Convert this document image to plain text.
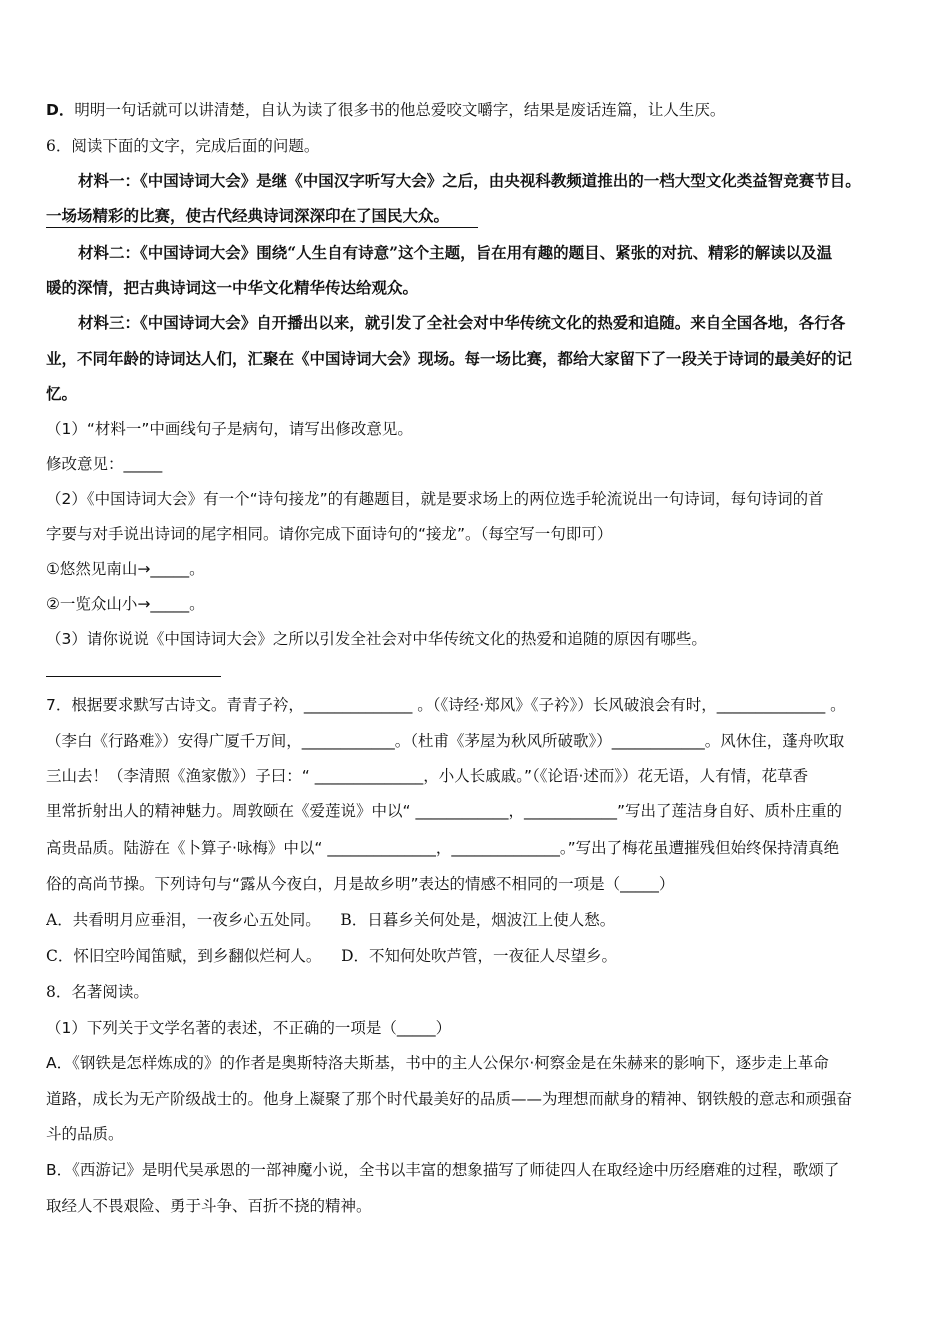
D．明明一句话就可以讲清楚，自认为读了很多书的他总爱咬文嚼字，结果是废话连篇，让人生厌。
6．阅读下面的文字，完成后面的问题。
材料一：《中国诗词大会》是继《中国汉字听写大会》之后，由央视科教频道推出的一档大型文化类益智竞赛节目。
一场场精彩的比赛，使古代经典诗词深深印在了国民大众。
材料二：《中国诗词大会》围绕“人生自有诗意”这个主题，旨在用有趣的题目、紧张的对抗、精彩的解读以及温
暖的深情，把古典诗词这一中华文化精华传达给观众。
材料三：《中国诗词大会》自开播出以来，就引发了全社会对中华传统文化的热爱和追随。来自全国各地，各行各
业，不同年龄的诗词达人们，汇聚在《中国诗词大会》现场。每一场比赛，都给大家留下了一段关于诗词的最美好的记
忆。
（1）“材料一”中画线句子是病句，请写出修改意见。
修改意见：_____
（2）《中国诗词大会》有一个“诗句接龙”的有趣题目，就是要求场上的两位选手轮流说出一句诗词，每句诗词的首
字要与对手说出诗词的尾字相同。请你完成下面诗句的“接龙”。（每空写一句即可）
①悠然见南山→_____。
②一览众山小→_____。
（3）请你说说《中国诗词大会》之所以引发全社会对中华传统文化的热爱和追随的原因有哪些。
7．根据要求默写古诗文。青青子衿，______________ 。（《诗经·郑风》《子衿》）长风破浪会有时，______________ 。
（李白《行路难》）安得广厦千万间，____________。（杜甫《茅屋为秋风所破歌》）____________。风休住，蓬舟吹取
三山去！（李清照《渔家傲》）子曰：“ ______________，小人长戚戚。”（《论语·述而》）花无语，人有情，花草香
里常折射出人的精神魅力。周敦颐在《爱莲说》中以“ ____________，____________”写出了莲洁身自好、质朴庄重的
高贵品质。陆游在《卜算子·咏梅》中以“ ______________，______________。”写出了梅花虽遭摧残但始终保持清真绝
俗的高尚节操。下列诗句与“露从今夜白，月是故乡明”表达的情感不相同的一项是（_____）
A．共看明月应垂泪，一夜乡心五处同。    B．日暮乡关何处是，烟波江上使人愁。
C．怀旧空吟闻笛赋，到乡翻似烂柯人。    D．不知何处吹芦管，一夜征人尽望乡。
8．名著阅读。
（1）下列关于文学名著的表述，不正确的一项是（_____）
A．《钢铁是怎样炼成的》的作者是奥斯特洛夫斯基，书中的主人公保尔·柯察金是在朱赫来的影响下，逐步走上革命
道路，成长为无产阶级战士的。他身上凝聚了那个时代最美好的品质——为理想而献身的精神、钢铁般的意志和顽强奋
斗的品质。
B．《西游记》是明代吴承恩的一部神魔小说，全书以丰富的想象描写了师徒四人在取经途中历经磨难的过程，歌颂了
取经人不畏艰险、勇于斗争、百折不挠的精神。
